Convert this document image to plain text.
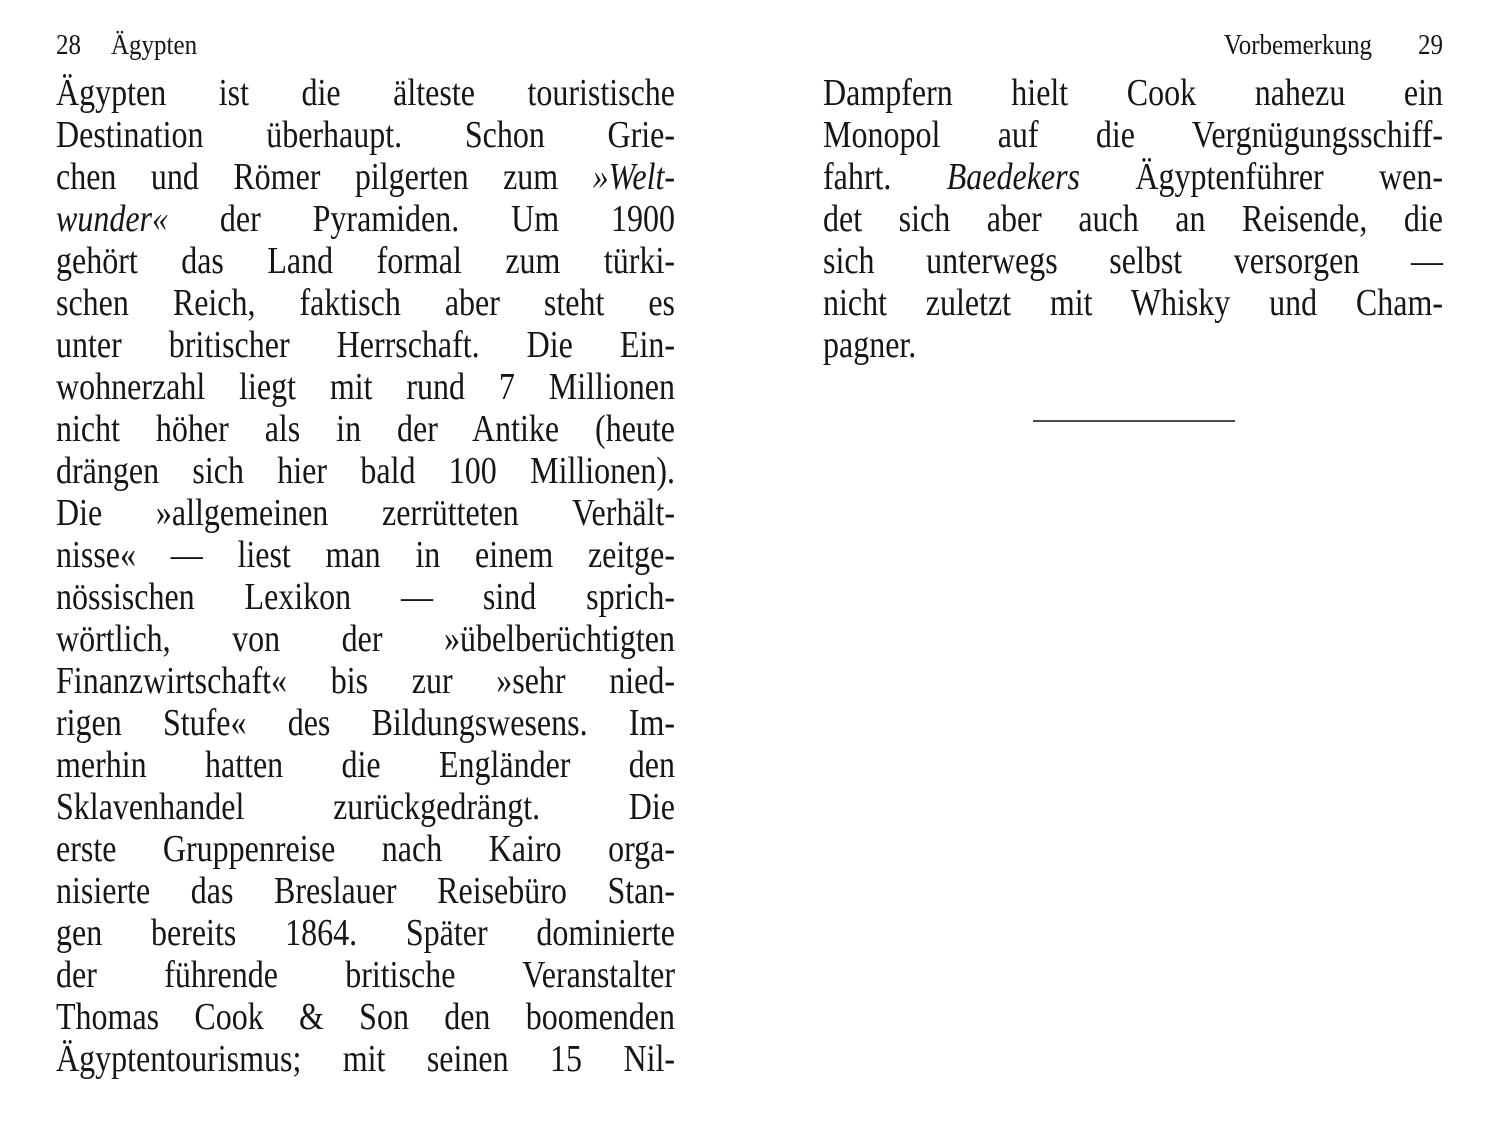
28 Ägypten	Vorbemerkung 29
Ägypten ist die älteste touristische
Destination überhaupt. Schon Grie-
chen und Römer pilgerten zum »Welt-
wunder« der Pyramiden. Um 1900
gehört das Land formal zum türki-
schen Reich, faktisch aber steht es
unter britischer Herrschaft. Die Ein-
wohnerzahl liegt mit rund 7 Millionen
nicht höher als in der Antike (heute
drängen sich hier bald 100 Millionen).
Die »allgemeinen zerrütteten Verhält-
nisse« — liest man in einem zeitge-
nössischen Lexikon — sind sprich-
wörtlich, von der »übelberüchtigten
Finanzwirtschaft« bis zur »sehr nied-
rigen Stufe« des Bildungswesens. Im-
merhin hatten die Engländer den
Sklavenhandel zurückgedrängt. Die
erste Gruppenreise nach Kairo orga-
nisierte das Breslauer Reisebüro Stan-
gen bereits 1864. Später dominierte
der führende britische Veranstalter
Thomas Cook & Son den boomenden
Ägyptentourismus; mit seinen 15 Nil-
Dampfern hielt Cook nahezu ein
Monopol auf die Vergnügungsschiff-
fahrt. Baedekers Ägyptenführer wen-
det sich aber auch an Reisende, die
sich unterwegs selbst versorgen —
nicht zuletzt mit Whisky und Cham-
pagner.
